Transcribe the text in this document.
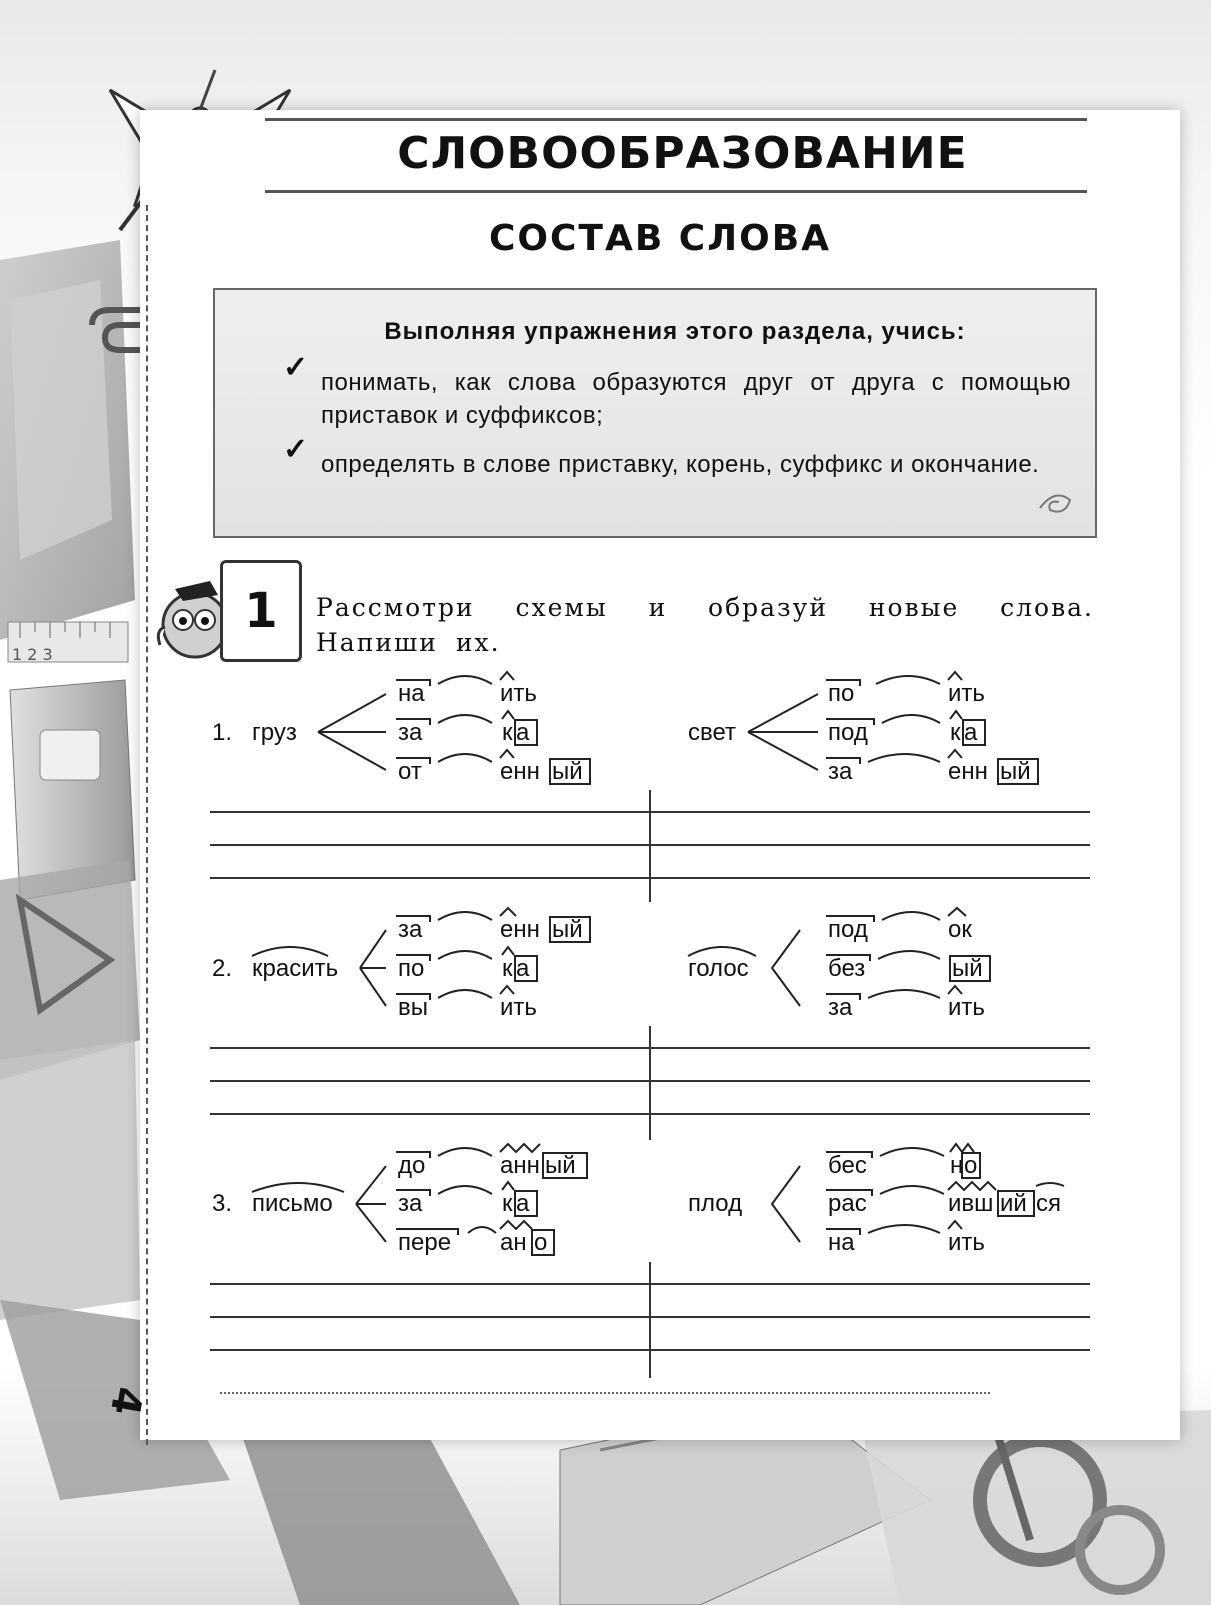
1 2 3
СЛОВООБРАЗОВАНИЕ
СОСТАВ СЛОВА
Выполняя упражнения этого раздела, учись:
✓ понимать, как слова образуются друг от друга с помощью приставок и суффиксов;
✓ определять в слове приставку, корень, суффикс и окончание.
1	Рассмотри схемы и образуй новые слова. Напиши их.
1. груз
на
за
от
ить
к а
енн ый
свет
по
под
за
ить
к а
енн ый
2. красить
за
по
вы
енн ый
к а
ить
голос
под
без
за
ок
ый
ить
3. письмо
до
за
пере
анн ый
к а
ан о
плод
бес
рас
на
н о
ивш ий ся
ить
4
